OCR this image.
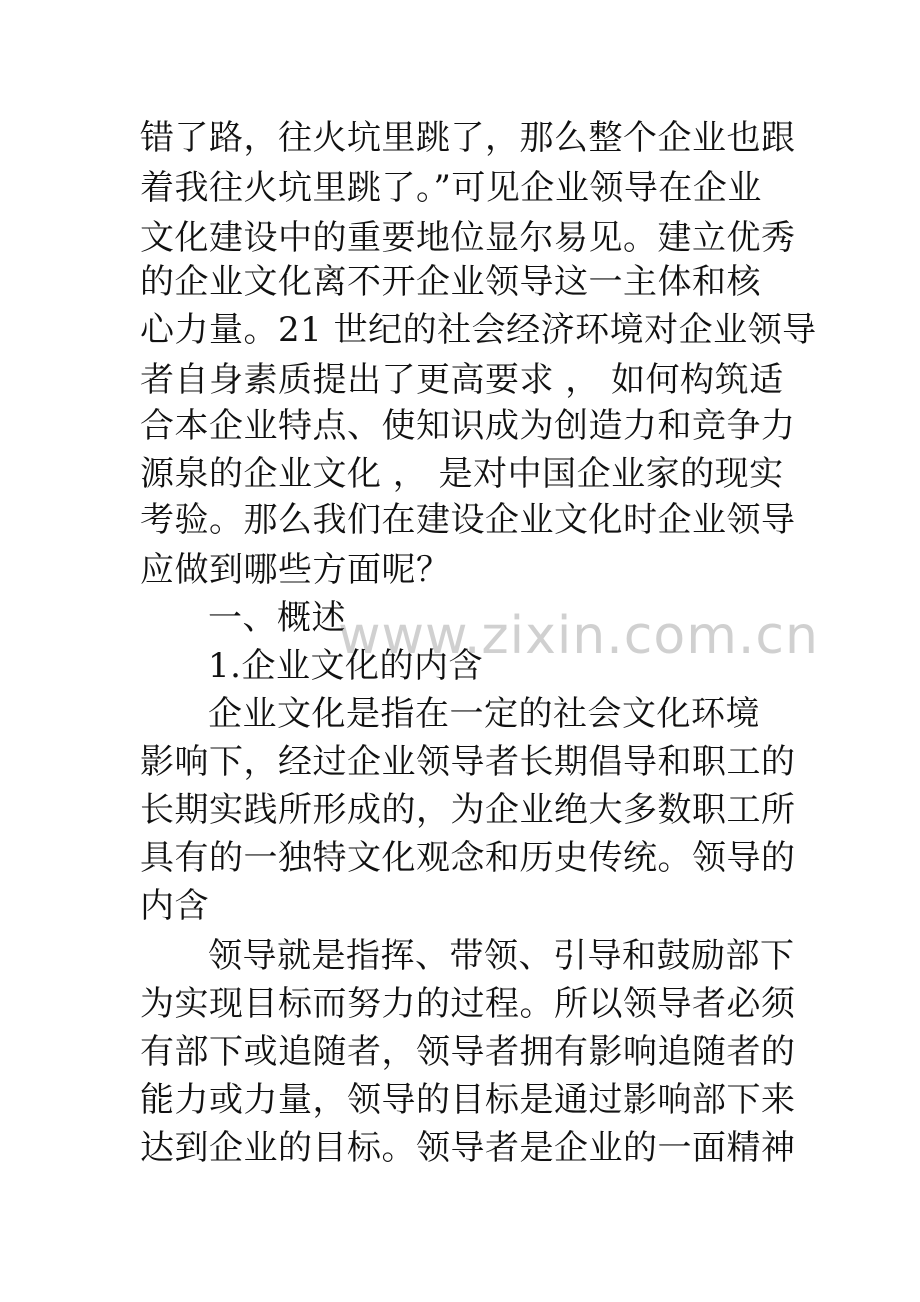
www.zixin.com.cn
错了路，往火坑里跳了，那么整个企业也跟
着我往火坑里跳了。”可见企业领导在企业
文化建设中的重要地位显尔易见。建立优秀
的企业文化离不开企业领导这一主体和核
心力量。21 世纪的社会经济环境对企业领导
者自身素质提出了更高要求 ， 如何构筑适
合本企业特点、使知识成为创造力和竞争力
源泉的企业文化 ， 是对中国企业家的现实
考验。那么我们在建设企业文化时企业领导
应做到哪些方面呢？
一、概述
1.企业文化的内含
企业文化是指在一定的社会文化环境
影响下，经过企业领导者长期倡导和职工的
长期实践所形成的，为企业绝大多数职工所
具有的一独特文化观念和历史传统。领导的
内含
领导就是指挥、带领、引导和鼓励部下
为实现目标而努力的过程。所以领导者必须
有部下或追随者，领导者拥有影响追随者的
能力或力量，领导的目标是通过影响部下来
达到企业的目标。领导者是企业的一面精神
